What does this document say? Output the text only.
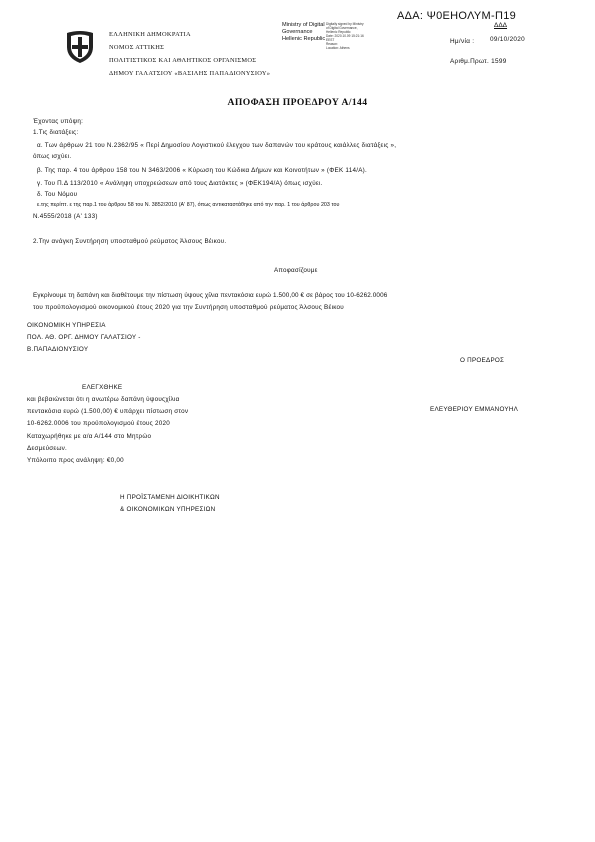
ΑΔΑ: Ψ0ΕΗΟΛΥΜ-Π19
ΕΛΛΗΝΙΚΗ ΔΗΜΟΚΡΑΤΙΑ
ΝΟΜΟΣ ΑΤΤΙΚΗΣ
ΠΟΛΙΤΙΣΤΙΚΟΣ ΚΑΙ ΑΘΛΗΤΙΚΟΣ ΟΡΓΑΝΙΣΜΟΣ
ΔΗΜΟΥ ΓΑΛΑΤΣΙΟΥ «ΒΑΣΙΛΗΣ ΠΑΠΑΔΙΟΝΥΣΙΟΥ»
Ministry of Digital
Governance
Hellenic Republic
Digitally signed by Ministry
of Digital Governance,
Hellenic Republic
Date: 2020.10.09 15:21:16
EEST
Reason:
Location: Athens
ΔΔΔ
Ημ/νία : 09/10/2020
Αριθμ.Πρωτ. 1599
ΑΠΟΦΑΣΗ ΠΡΟΕΔΡΟΥ Α/144
Έχοντας υπόψη:
1.Τις διατάξεις:
α. Των άρθρων 21 του Ν.2362/95 « Περί Δημοσίου Λογιστικού έλεγχου των δαπανών του κράτους καιάλλες διατάξεις »,
όπως ισχύει.
β. Της παρ. 4 του άρθρου 158 του Ν 3463/2006 « Κύρωση του Κώδικα Δήμων και Κοινοτήτων » (ΦΕΚ 114/Α).
γ. Του Π.Δ 113/2010 « Ανάληψη υποχρεώσεων από τους Διατάκτες » (ΦΕΚ194/Α) όπως ισχύει.
δ. Του Νόμου
ε.της περίπτ. ε της παρ.1 του άρθρου 58 του Ν. 3852/2010 (Α' 87), όπως αντικαταστάθηκε από την παρ. 1 του άρθρου 203 του
Ν.4555/2018 (Α' 133)
2.Την ανάγκη Συντήρηση υποσταθμού ρεύματος Άλσους Βέικου.
Αποφασίζουμε
Εγκρίνουμε τη δαπάνη και διαθέτουμε την πίστωση ύψους χίλια πεντακόσια ευρώ 1.500,00 € σε βάρος του 10-6262.0006
του προϋπολογισμού οικονομικού έτους 2020 για την Συντήρηση υποσταθμού ρεύματος Άλσους Βέικου
ΟΙΚΟΝΟΜΙΚΗ ΥΠΗΡΕΣΙΑ
ΠΟΛ. ΑΘ. ΟΡΓ. ΔΗΜΟΥ ΓΑΛΑΤΣΙΟΥ -
Β.ΠΑΠΑΔΙΟΝΥΣΙΟΥ
Ο ΠΡΟΕΔΡΟΣ
ΕΛΕΓΧΘΗΚΕ
και βεβαιώνεται ότι η ανωτέρω δαπάνη ύψουςχίλια
πεντακόσια ευρώ (1.500,00) € υπάρχει πίστωση στον
10-6262.0006 του προϋπολογισμού έτους 2020
Καταχωρήθηκε με α/α Α/144 στο Μητρώο
Δεσμεύσεων.
Υπόλοιπο προς ανάληψη: €0,00
ΕΛΕΥΘΕΡΙΟΥ ΕΜΜΑΝΟΥΗΛ
Η ΠΡΟΪΣΤΑΜΕΝΗ ΔΙΟΙΚΗΤΙΚΩΝ
& ΟΙΚΟΝΟΜΙΚΩΝ ΥΠΗΡΕΣΙΩΝ
